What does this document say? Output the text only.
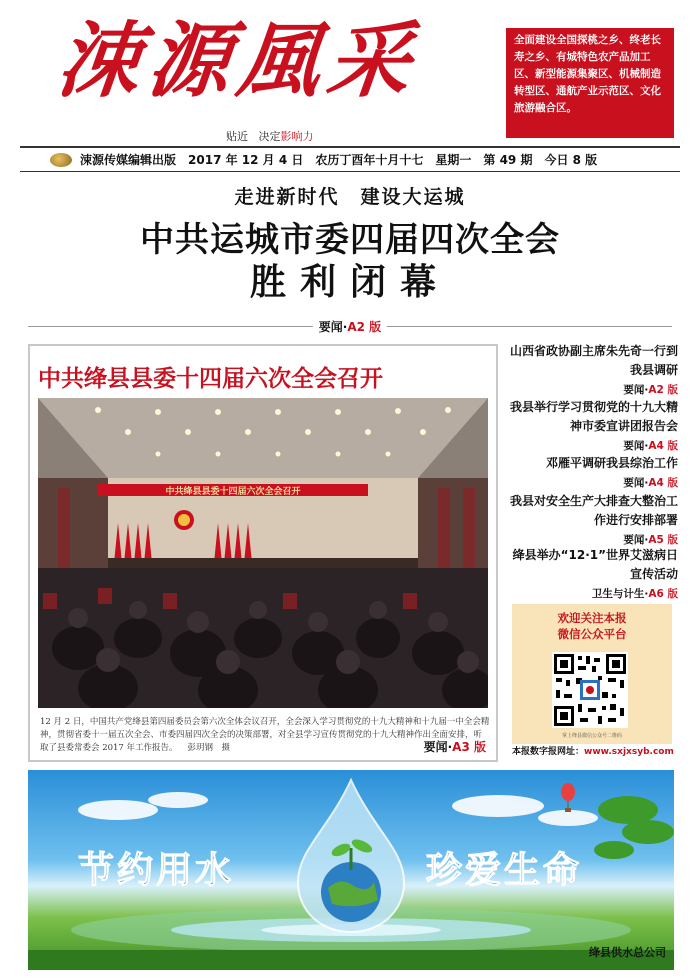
涑源風采
贴近 决定影响力
全面建设全国探桃之乡、终老长寿之乡、有城特色农产品加工区、新型能源集聚区、机械制造转型区、通航产业示范区、文化旅游融合区。
涑源传媒编辑出版 2017 年 12 月 4 日 农历丁酉年十月十七 星期一 第 49 期 今日 8 版
走进新时代　建设大运城
中共运城市委四届四次全会
胜利闭幕
要闻·A2 版
中共绛县县委十四届六次全会召开
中共绛县县委十四届六次全会召开
12 月 2 日，中国共产党绛县第四届委员会第六次全体会议召开，全会深入学习贯彻党的十九大精神和十九届一中全会精神，贯彻省委十一届五次全会、市委四届四次全会的决策部署，对全县学习宣传贯彻党的十九大精神作出全面安排，听取了县委常委会 2017 年工作报告。 彭玥钢　摄	要闻·A3 版
山西省政协副主席朱先奇一行到我县调研
要闻·A2 版
我县举行学习贯彻党的十九大精神市委宣讲团报告会
要闻·A4 版
邓雁平调研我县综治工作
要闻·A4 版
我县对安全生产大排查大整治工作进行安排部署
要闻·A5 版
绛县举办“12·1”世界艾滋病日宣传活动
卫生与计生·A6 版
欢迎关注本报
微信公众平台
掌上绛县微信公众号二维码
本报数字报网址：www.sxjxsyb.com
节约用水	珍爱生命
绛县供水总公司
